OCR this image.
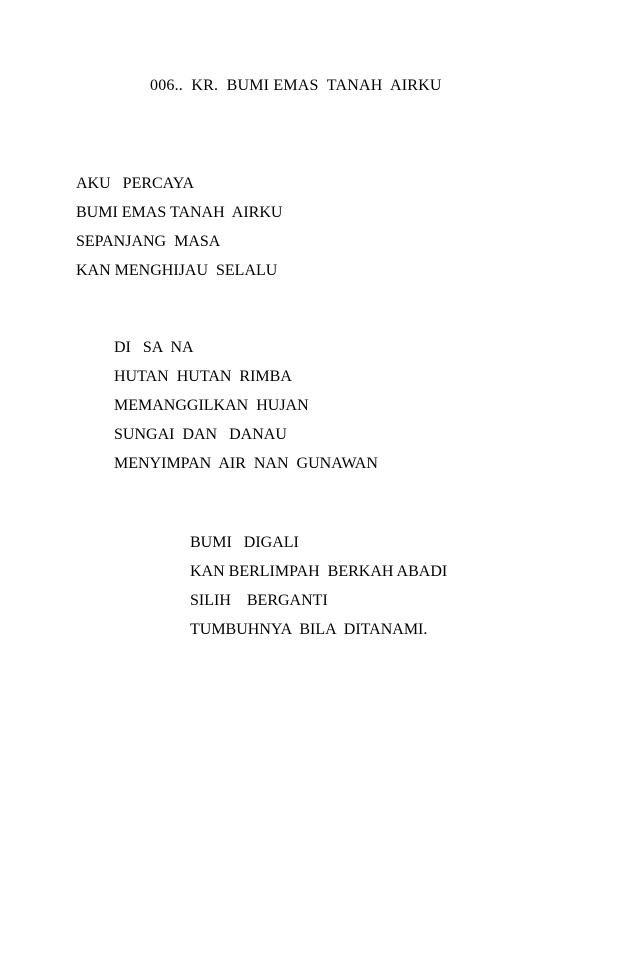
006..  KR.  BUMI EMAS  TANAH  AIRKU
AKU   PERCAYA
BUMI EMAS TANAH  AIRKU
SEPANJANG  MASA
KAN MENGHIJAU  SELALU
DI   SA  NA
HUTAN  HUTAN  RIMBA
MEMANGGILKAN  HUJAN
SUNGAI  DAN   DANAU
MENYIMPAN  AIR  NAN  GUNAWAN
BUMI   DIGALI
KAN BERLIMPAH  BERKAH ABADI
SILIH    BERGANTI
TUMBUHNYA  BILA  DITANAMI.
